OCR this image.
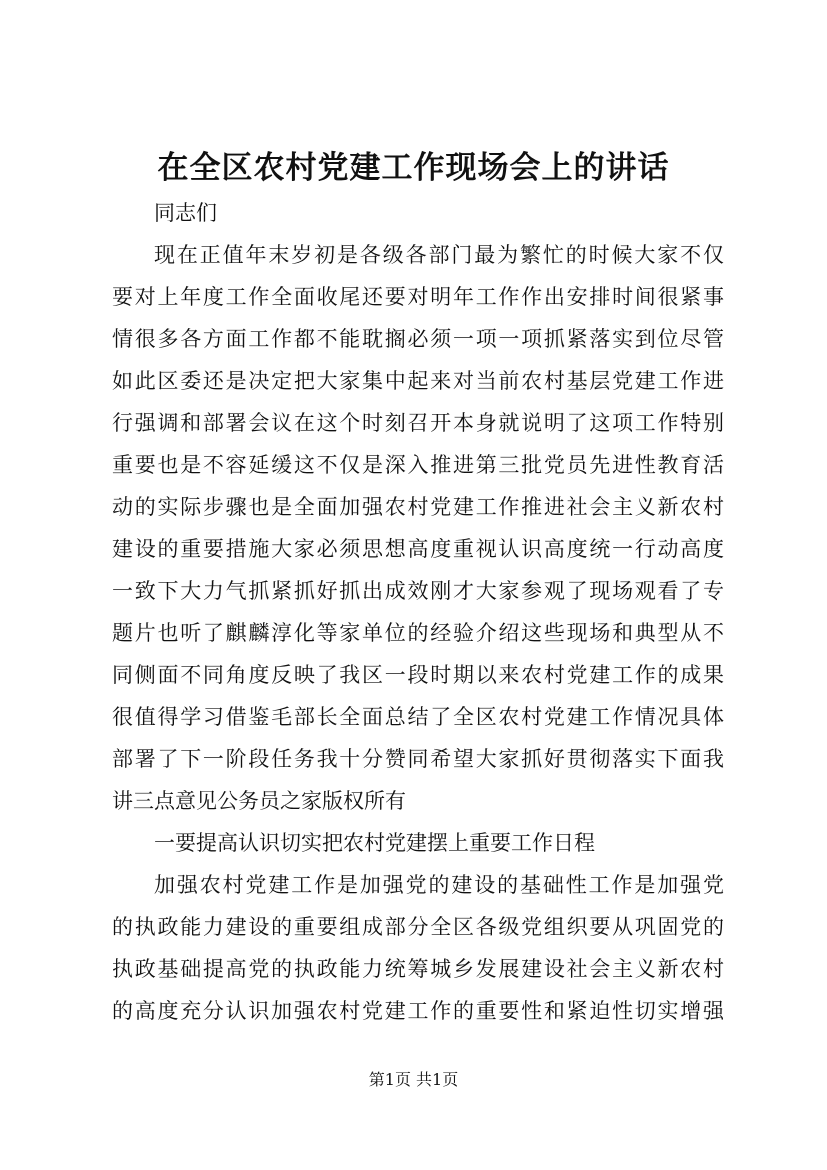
在全区农村党建工作现场会上的讲话
同志们
现在正值年末岁初是各级各部门最为繁忙的时候大家不仅
要对上年度工作全面收尾还要对明年工作作出安排时间很紧事
情很多各方面工作都不能耽搁必须一项一项抓紧落实到位尽管
如此区委还是决定把大家集中起来对当前农村基层党建工作进
行强调和部署会议在这个时刻召开本身就说明了这项工作特别
重要也是不容延缓这不仅是深入推进第三批党员先进性教育活
动的实际步骤也是全面加强农村党建工作推进社会主义新农村
建设的重要措施大家必须思想高度重视认识高度统一行动高度
一致下大力气抓紧抓好抓出成效刚才大家参观了现场观看了专
题片也听了麒麟淳化等家单位的经验介绍这些现场和典型从不
同侧面不同角度反映了我区一段时期以来农村党建工作的成果
很值得学习借鉴毛部长全面总结了全区农村党建工作情况具体
部署了下一阶段任务我十分赞同希望大家抓好贯彻落实下面我
讲三点意见公务员之家版权所有
一要提高认识切实把农村党建摆上重要工作日程
加强农村党建工作是加强党的建设的基础性工作是加强党
的执政能力建设的重要组成部分全区各级党组织要从巩固党的
执政基础提高党的执政能力统筹城乡发展建设社会主义新农村
的高度充分认识加强农村党建工作的重要性和紧迫性切实增强
第1页 共1页
